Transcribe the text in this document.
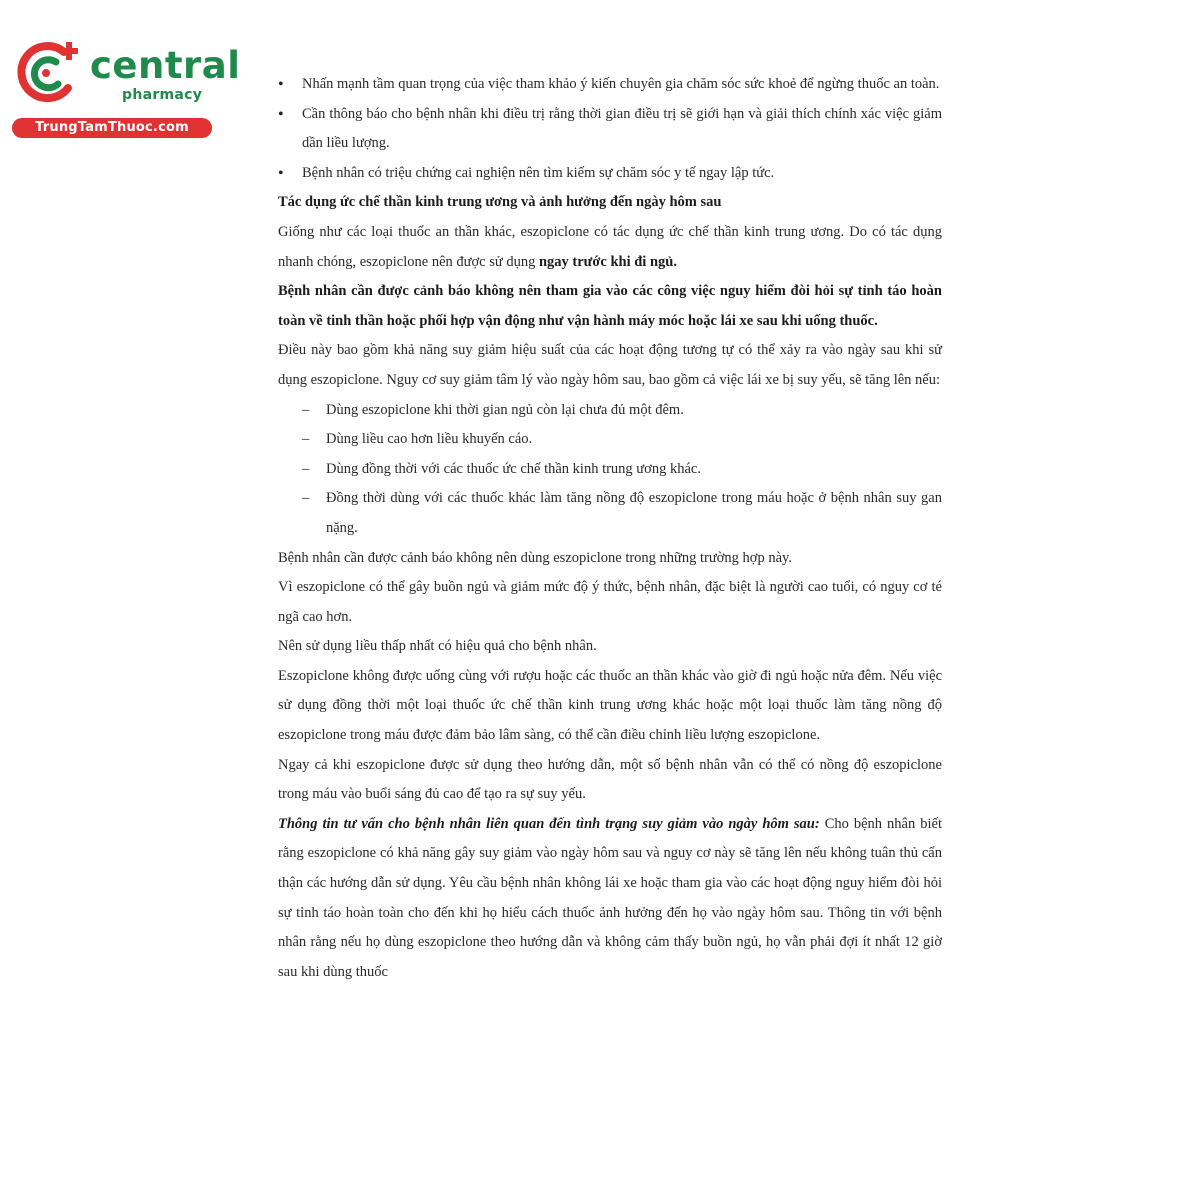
central
pharmacy
TrungTamThuoc.com
• Nhấn mạnh tầm quan trọng của việc tham khảo ý kiến chuyên gia chăm sóc sức khoẻ để ngừng thuốc an toàn.
• Cần thông báo cho bệnh nhân khi điều trị rằng thời gian điều trị sẽ giới hạn và giải thích chính xác việc giảm dần liều lượng.
• Bệnh nhân có triệu chứng cai nghiện nên tìm kiếm sự chăm sóc y tế ngay lập tức.

Tác dụng ức chế thần kinh trung ương và ảnh hưởng đến ngày hôm sau

Giống như các loại thuốc an thần khác, eszopiclone có tác dụng ức chế thần kinh trung ương. Do có tác dụng nhanh chóng, eszopiclone nên được sử dụng ngay trước khi đi ngủ.

Bệnh nhân cần được cảnh báo không nên tham gia vào các công việc nguy hiểm đòi hỏi sự tỉnh táo hoàn toàn về tinh thần hoặc phối hợp vận động như vận hành máy móc hoặc lái xe sau khi uống thuốc.

Điều này bao gồm khả năng suy giảm hiệu suất của các hoạt động tương tự có thể xảy ra vào ngày sau khi sử dụng eszopiclone. Nguy cơ suy giảm tâm lý vào ngày hôm sau, bao gồm cả việc lái xe bị suy yếu, sẽ tăng lên nếu:

– Dùng eszopiclone khi thời gian ngủ còn lại chưa đủ một đêm.
– Dùng liều cao hơn liều khuyến cáo.
– Dùng đồng thời với các thuốc ức chế thần kinh trung ương khác.
– Đồng thời dùng với các thuốc khác làm tăng nồng độ eszopiclone trong máu hoặc ở bệnh nhân suy gan nặng.

Bệnh nhân cần được cảnh báo không nên dùng eszopiclone trong những trường hợp này.

Vì eszopiclone có thể gây buồn ngủ và giảm mức độ ý thức, bệnh nhân, đặc biệt là người cao tuổi, có nguy cơ té ngã cao hơn.

Nên sử dụng liều thấp nhất có hiệu quả cho bệnh nhân.

Eszopiclone không được uống cùng với rượu hoặc các thuốc an thần khác vào giờ đi ngủ hoặc nửa đêm. Nếu việc sử dụng đồng thời một loại thuốc ức chế thần kinh trung ương khác hoặc một loại thuốc làm tăng nồng độ eszopiclone trong máu được đảm bảo lâm sàng, có thể cần điều chỉnh liều lượng eszopiclone.

Ngay cả khi eszopiclone được sử dụng theo hướng dẫn, một số bệnh nhân vẫn có thể có nồng độ eszopiclone trong máu vào buổi sáng đủ cao để tạo ra sự suy yếu.

Thông tin tư vấn cho bệnh nhân liên quan đến tình trạng suy giảm vào ngày hôm sau: Cho bệnh nhân biết rằng eszopiclone có khả năng gây suy giảm vào ngày hôm sau và nguy cơ này sẽ tăng lên nếu không tuân thủ cẩn thận các hướng dẫn sử dụng. Yêu cầu bệnh nhân không lái xe hoặc tham gia vào các hoạt động nguy hiểm đòi hỏi sự tỉnh táo hoàn toàn cho đến khi họ hiểu cách thuốc ảnh hưởng đến họ vào ngày hôm sau. Thông tin với bệnh nhân rằng nếu họ dùng eszopiclone theo hướng dẫn và không cảm thấy buồn ngủ, họ vẫn phải đợi ít nhất 12 giờ sau khi dùng thuốc
